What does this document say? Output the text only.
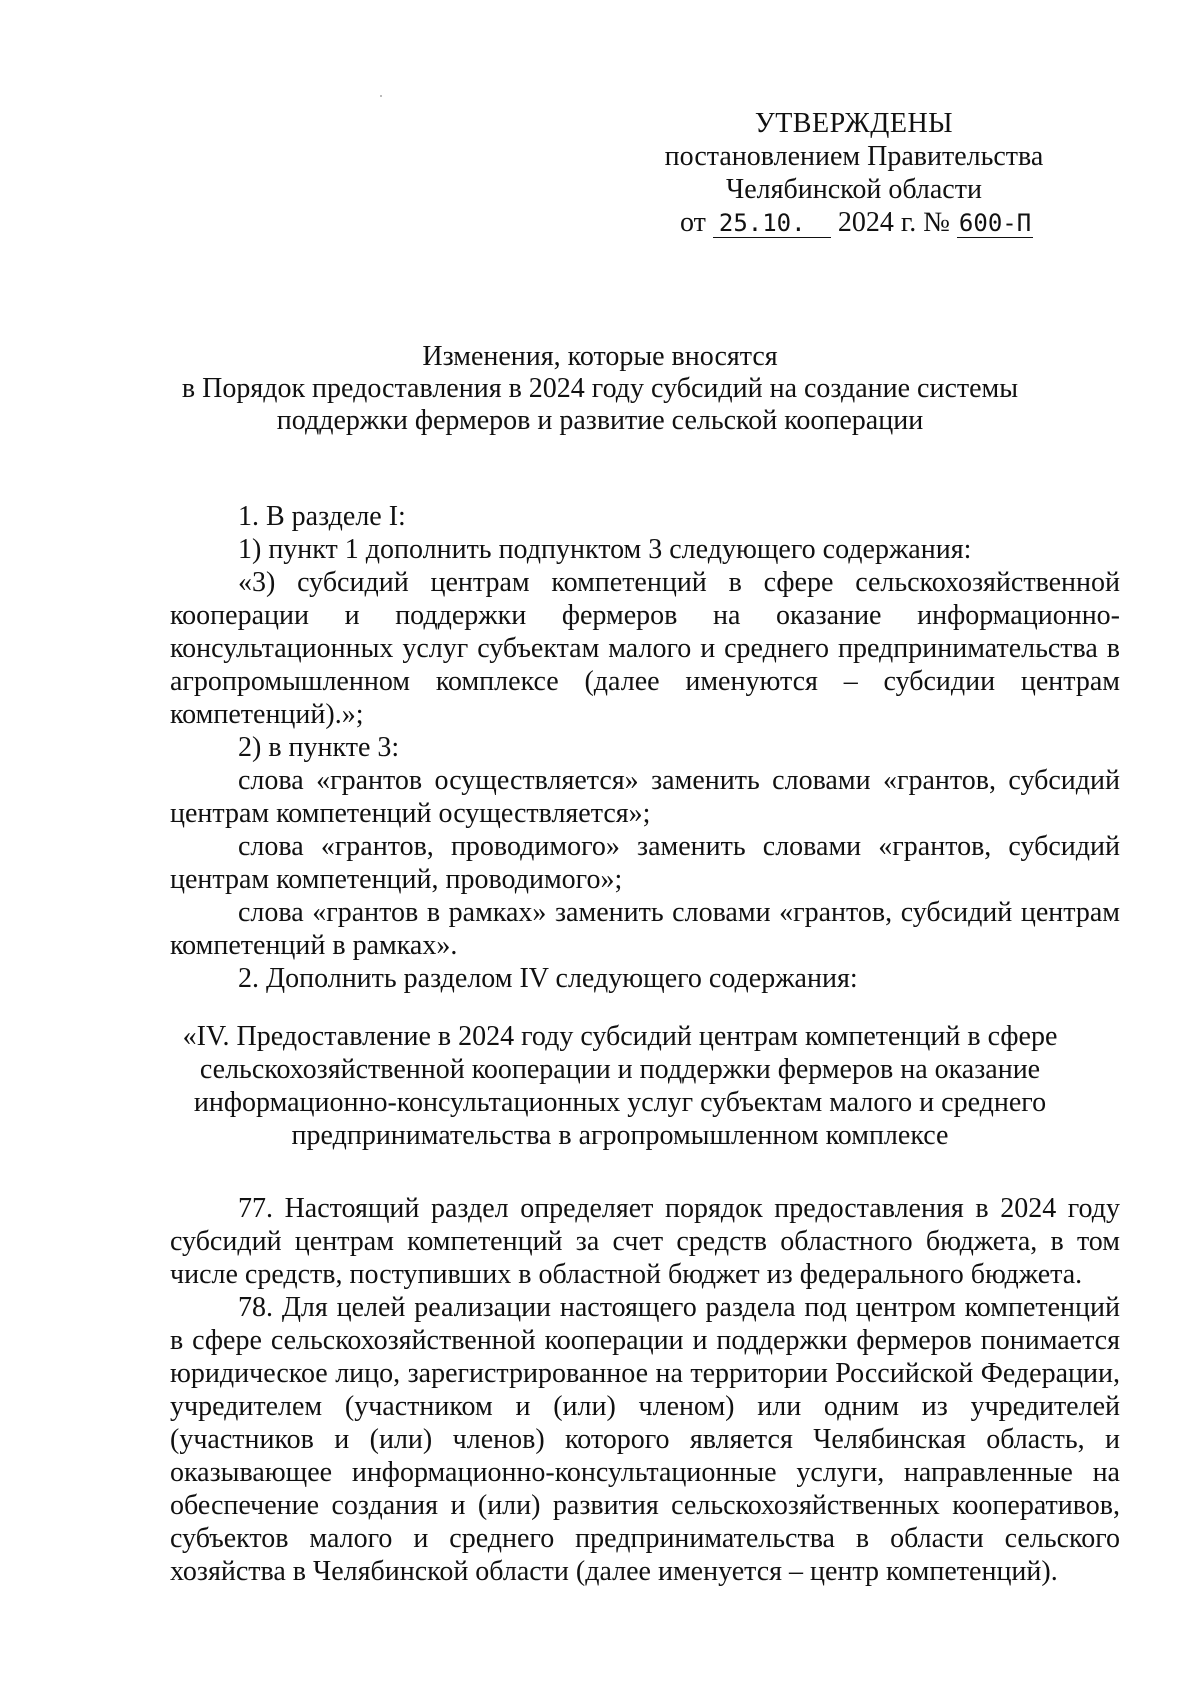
УТВЕРЖДЕНЫ
постановлением Правительства
Челябинской области
от 25.10. 2024 г. № 600-П
Изменения, которые вносятся
в Порядок предоставления в 2024 году субсидий на создание системы
поддержки фермеров и развитие сельской кооперации

1. В разделе I:

1) пункт 1 дополнить подпунктом 3 следующего содержания:

«3) субсидий центрам компетенций в сфере сельскохозяйственной кооперации и поддержки фермеров на оказание информационно-консультационных услуг субъектам малого и среднего предпринимательства в агропромышленном комплексе (далее именуются – субсидии центрам компетенций).»;

2) в пункте 3:

слова «грантов осуществляется» заменить словами «грантов, субсидий центрам компетенций осуществляется»;

слова «грантов, проводимого» заменить словами «грантов, субсидий центрам компетенций, проводимого»;

слова «грантов в рамках» заменить словами «грантов, субсидий центрам компетенций в рамках».

2. Дополнить разделом IV следующего содержания:

«IV. Предоставление в 2024 году субсидий центрам компетенций в сфере
сельскохозяйственной кооперации и поддержки фермеров на оказание
информационно-консультационных услуг субъектам малого и среднего
предпринимательства в агропромышленном комплексе

77. Настоящий раздел определяет порядок предоставления в 2024 году субсидий центрам компетенций за счет средств областного бюджета, в том числе средств, поступивших в областной бюджет из федерального бюджета.

78. Для целей реализации настоящего раздела под центром компетенций в сфере сельскохозяйственной кооперации и поддержки фермеров понимается юридическое лицо, зарегистрированное на территории Российской Федерации, учредителем (участником и (или) членом) или одним из учредителей (участников и (или) членов) которого является Челябинская область, и оказывающее информационно-консультационные услуги, направленные на обеспечение создания и (или) развития сельскохозяйственных кооперативов, субъектов малого и среднего предпринимательства в области сельского хозяйства в Челябинской области (далее именуется – центр компетенций).
